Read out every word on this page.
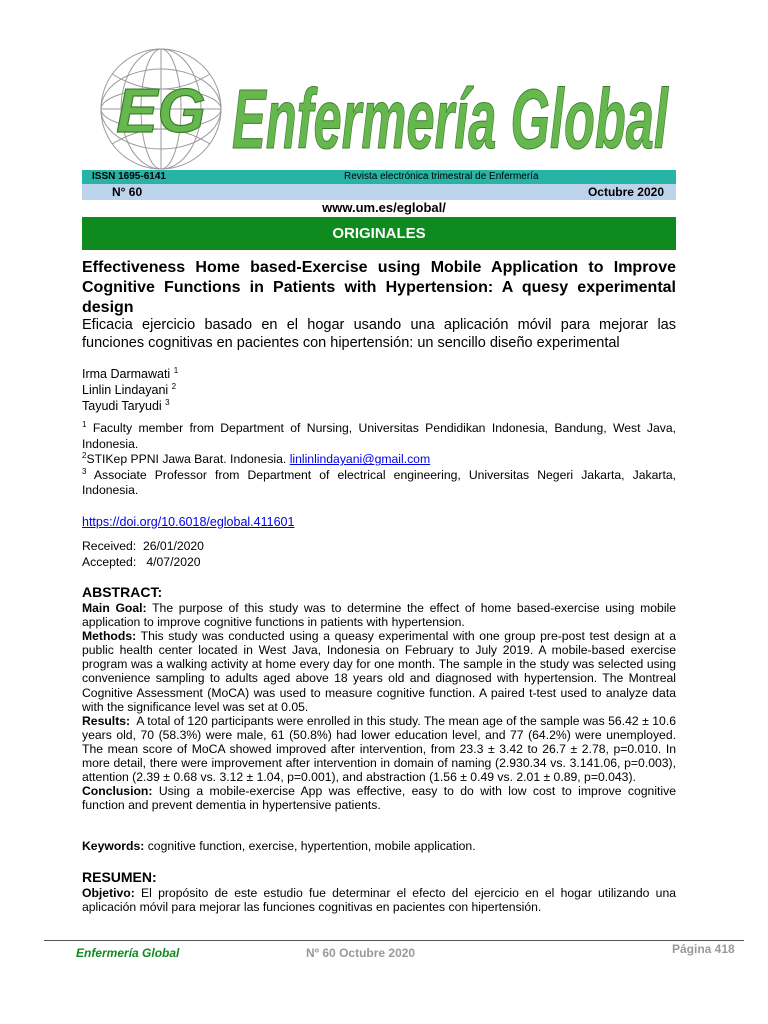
EG Enfermería Global
ISSN 1695-6141	Revista electrónica trimestral de Enfermería
N° 60	Octubre 2020
www.um.es/eglobal/
ORIGINALES
Effectiveness Home based-Exercise using Mobile Application to Improve Cognitive Functions in Patients with Hypertension: A quesy experimental design
Eficacia ejercicio basado en el hogar usando una aplicación móvil para mejorar las funciones cognitivas en pacientes con hipertensión: un sencillo diseño experimental
Irma Darmawati $^1$
Linlin Lindayani $^2$
Tayudi Taryudi $^3$
$^1$ Faculty member from Department of Nursing, Universitas Pendidikan Indonesia, Bandung, West Java, Indonesia.
$^2$STIKep PPNI Jawa Barat. Indonesia. linlinlindayani@gmail.com
$^3$ Associate Professor from Department of electrical engineering, Universitas Negeri Jakarta, Jakarta, Indonesia.
https://doi.org/10.6018/eglobal.411601
Received:  26/01/2020
Accepted:   4/07/2020
ABSTRACT:

Main Goal: The purpose of this study was to determine the effect of home based-exercise using mobile application to improve cognitive functions in patients with hypertension.

Methods: This study was conducted using a queasy experimental with one group pre-post test design at a public health center located in West Java, Indonesia on February to July 2019. A mobile-based exercise program was a walking activity at home every day for one month. The sample in the study was selected using convenience sampling to adults aged above 18 years old and diagnosed with hypertension. The Montreal Cognitive Assessment (MoCA) was used to measure cognitive function. A paired t-test used to analyze data with the significance level was set at 0.05.

Results: A total of 120 participants were enrolled in this study. The mean age of the sample was 56.42 ± 10.6 years old, 70 (58.3%) were male, 61 (50.8%) had lower education level, and 77 (64.2%) were unemployed. The mean score of MoCA showed improved after intervention, from 23.3 ± 3.42 to 26.7 ± 2.78, p=0.010. In more detail, there were improvement after intervention in domain of naming (2.930.34 vs. 3.141.06, p=0.003), attention (2.39 ± 0.68 vs. 3.12 ± 1.04, p=0.001), and abstraction (1.56 ± 0.49 vs. 2.01 ± 0.89, p=0.043).

Conclusion: Using a mobile-exercise App was effective, easy to do with low cost to improve cognitive function and prevent dementia in hypertensive patients.

Keywords: cognitive function, exercise, hypertention, mobile application.
RESUMEN:

Objetivo: El propósito de este estudio fue determinar el efecto del ejercicio en el hogar utilizando una aplicación móvil para mejorar las funciones cognitivas en pacientes con hipertensión.

Enfermería Global	Nº 60 Octubre 2020	Página 418
